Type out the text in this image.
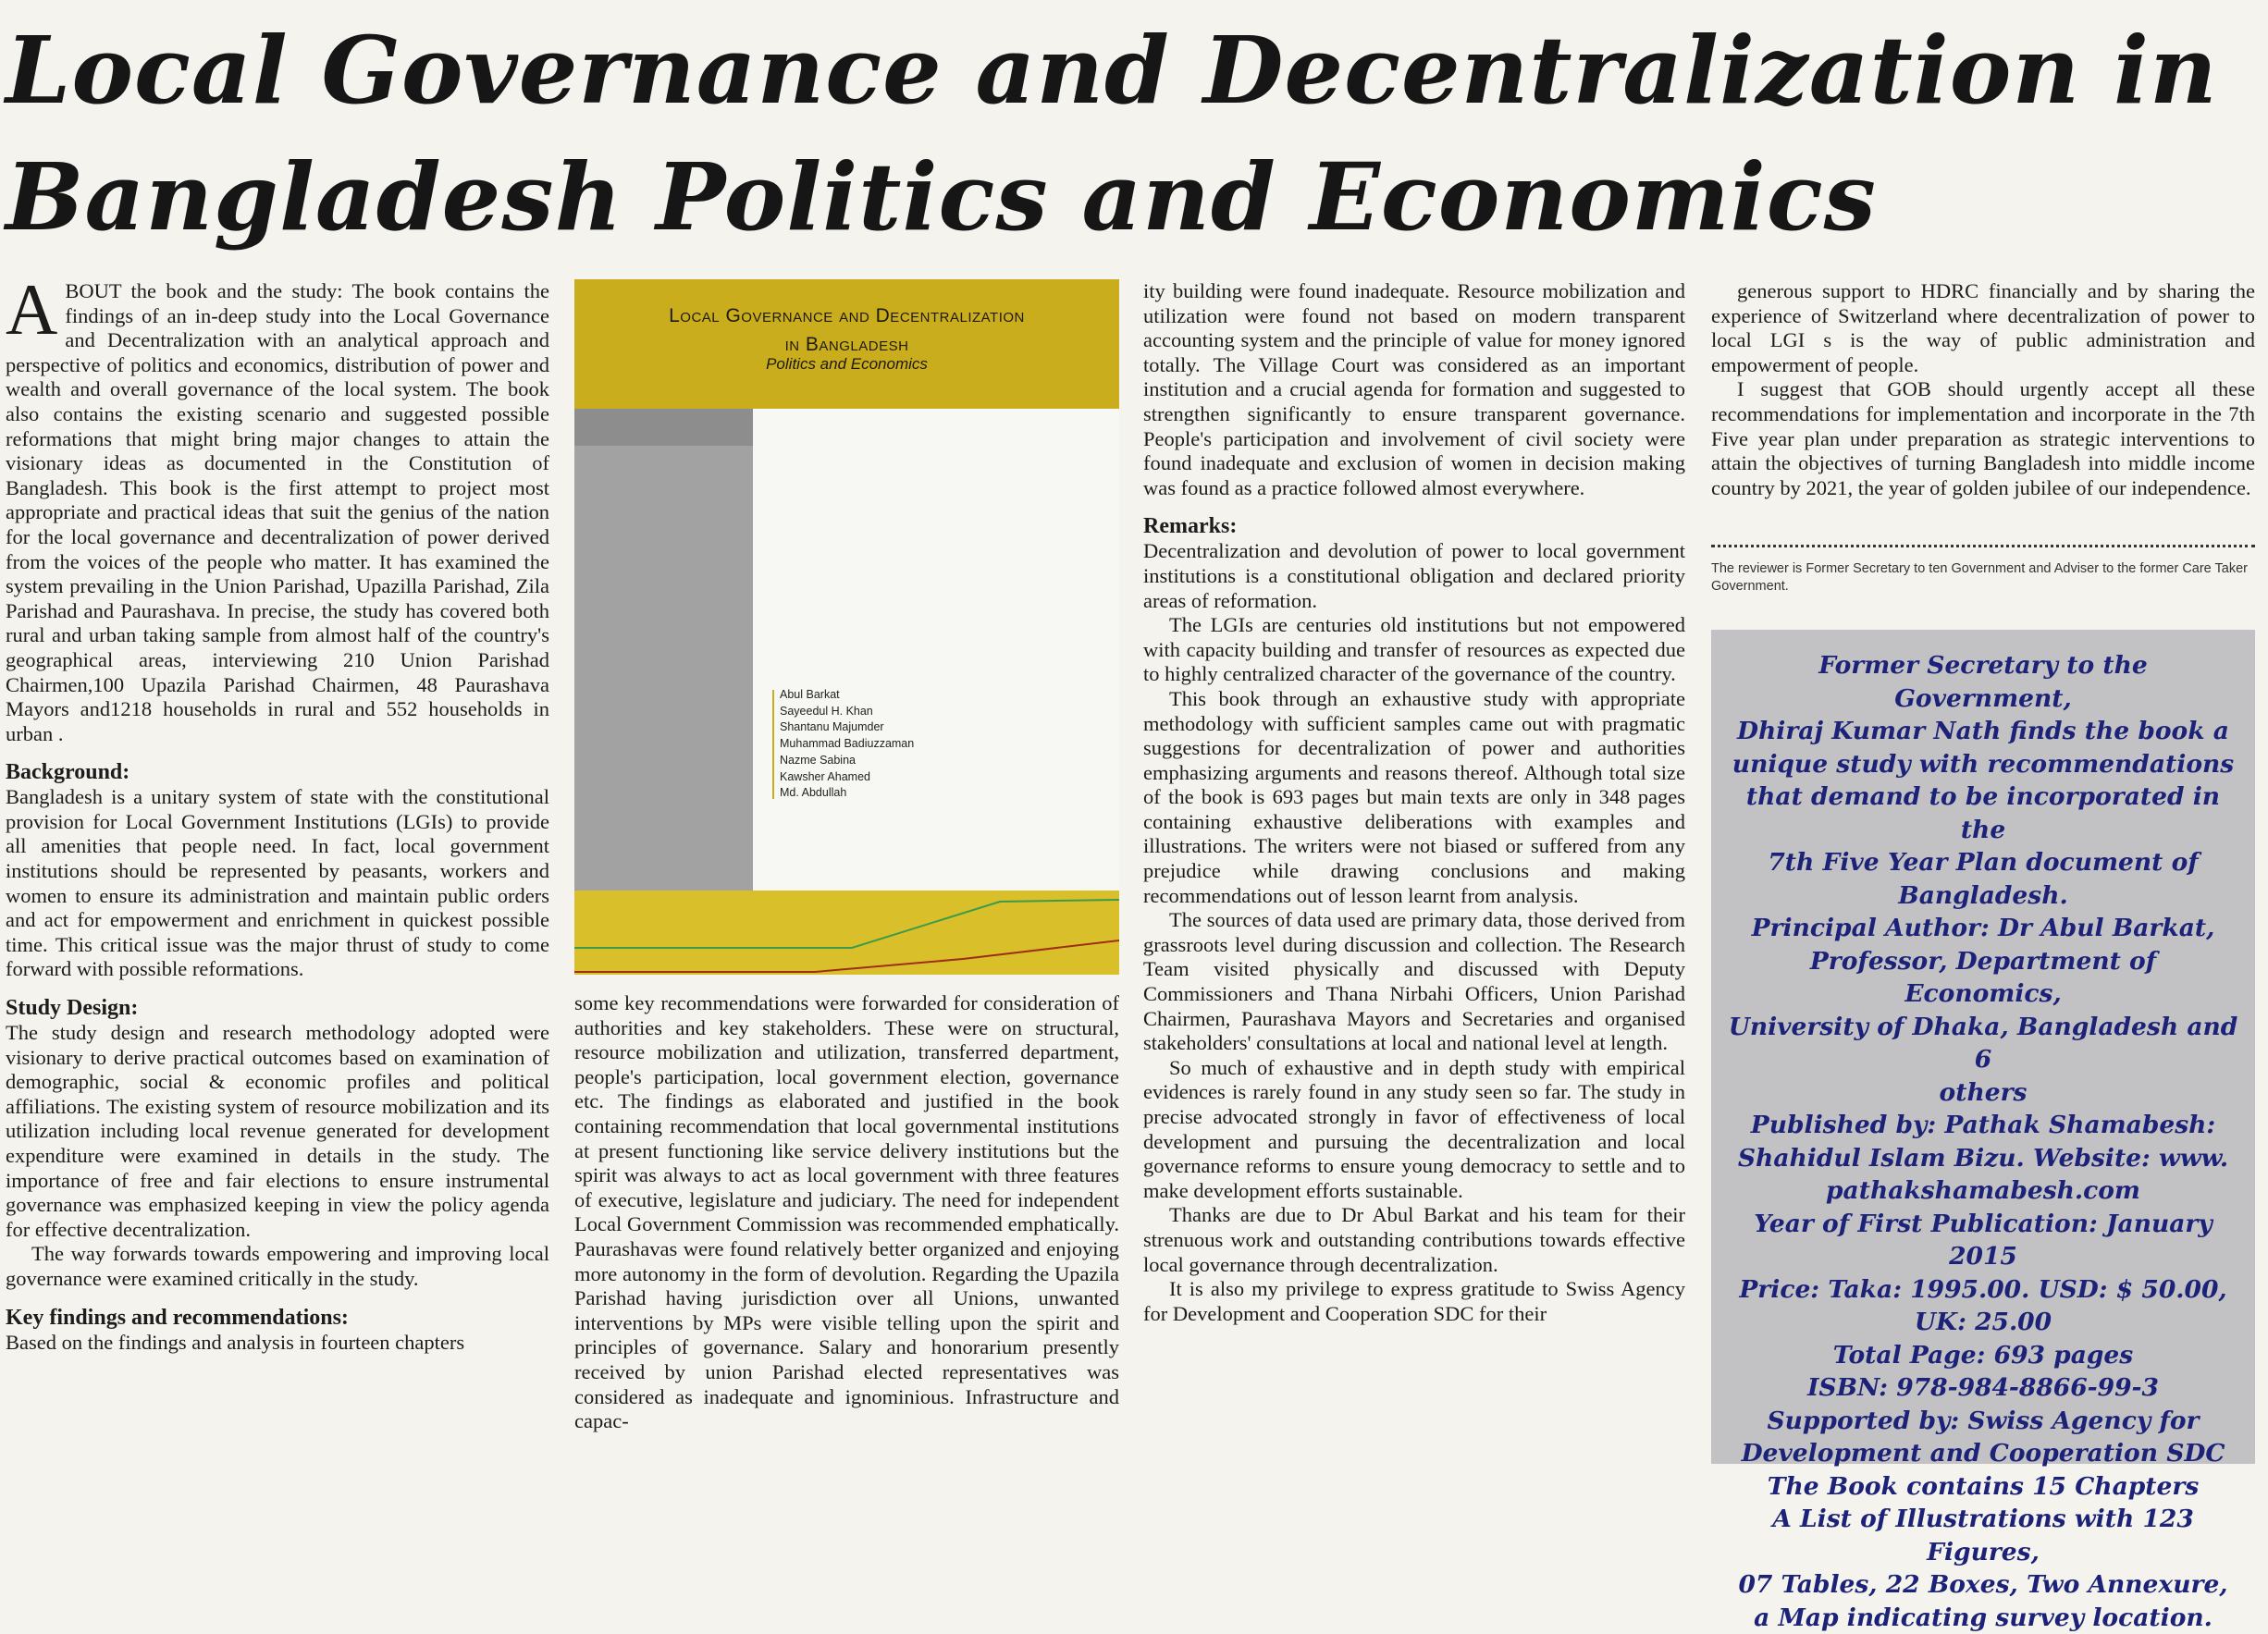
Local Governance and Decentralization in
Bangladesh Politics and Economics

ABOUT the book and the study: The book contains the findings of an in-deep study into the Local Governance and Decentralization with an analytical approach and perspective of politics and economics, distribution of power and wealth and overall governance of the local system. The book also contains the existing scenario and suggested possible reformations that might bring major changes to attain the visionary ideas as documented in the Constitution of Bangladesh. This book is the first attempt to project most appropriate and practical ideas that suit the genius of the nation for the local governance and decentralization of power derived from the voices of the people who matter. It has examined the system prevailing in the Union Parishad, Upazilla Parishad, Zila Parishad and Paurashava. In precise, the study has covered both rural and urban taking sample from almost half of the country's geographical areas, interviewing 210 Union Parishad Chairmen,100 Upazila Parishad Chairmen, 48 Paurashava Mayors and1218 households in rural and 552 households in urban .

Background:

Bangladesh is a unitary system of state with the constitutional provision for Local Government Institutions (LGIs) to provide all amenities that people need. In fact, local government institutions should be represented by peasants, workers and women to ensure its administration and maintain public orders and act for empowerment and enrichment in quickest possible time. This critical issue was the major thrust of study to come forward with possible reformations.

Study Design:

The study design and research methodology adopted were visionary to derive practical outcomes based on examination of demographic, social & economic profiles and political affiliations. The existing system of resource mobilization and its utilization including local revenue generated for development expenditure were examined in details in the study. The importance of free and fair elections to ensure instrumental governance was emphasized keeping in view the policy agenda for effective decentralization.

The way forwards towards empowering and improving local governance were examined critically in the study.

Key findings and recommendations:

Based on the findings and analysis in fourteen chapters

Local Governance and Decentralization
in Bangladesh
Politics and Economics
Abul Barkat
Sayeedul H. Khan
Shantanu Majumder
Muhammad Badiuzzaman
Nazme Sabina
Kawsher Ahamed
Md. Abdullah

some key recommendations were forwarded for consideration of authorities and key stakeholders. These were on structural, resource mobilization and utilization, transferred department, people's participation, local government election, governance etc. The findings as elaborated and justified in the book containing recommendation that local governmental institutions at present functioning like service delivery institutions but the spirit was always to act as local government with three features of executive, legislature and judiciary. The need for independent Local Government Commission was recommended emphatically. Paurashavas were found relatively better organized and enjoying more autonomy in the form of devolution. Regarding the Upazila Parishad having jurisdiction over all Unions, unwanted interventions by MPs were visible telling upon the spirit and principles of governance. Salary and honorarium presently received by union Parishad elected representatives was considered as inadequate and ignominious. Infrastructure and capac-

ity building were found inadequate. Resource mobilization and utilization were found not based on modern transparent accounting system and the principle of value for money ignored totally. The Village Court was considered as an important institution and a crucial agenda for formation and suggested to strengthen significantly to ensure transparent governance. People's participation and involvement of civil society were found inadequate and exclusion of women in decision making was found as a practice followed almost everywhere.

Remarks:

Decentralization and devolution of power to local government institutions is a constitutional obligation and declared priority areas of reformation.

The LGIs are centuries old institutions but not empowered with capacity building and transfer of resources as expected due to highly centralized character of the governance of the country.

This book through an exhaustive study with appropriate methodology with sufficient samples came out with pragmatic suggestions for decentralization of power and authorities emphasizing arguments and reasons thereof. Although total size of the book is 693 pages but main texts are only in 348 pages containing exhaustive deliberations with examples and illustrations. The writers were not biased or suffered from any prejudice while drawing conclusions and making recommendations out of lesson learnt from analysis.

The sources of data used are primary data, those derived from grassroots level during discussion and collection. The Research Team visited physically and discussed with Deputy Commissioners and Thana Nirbahi Officers, Union Parishad Chairmen, Paurashava Mayors and Secretaries and organised stakeholders' consultations at local and national level at length.

So much of exhaustive and in depth study with empirical evidences is rarely found in any study seen so far. The study in precise advocated strongly in favor of effectiveness of local development and pursuing the decentralization and local governance reforms to ensure young democracy to settle and to make development efforts sustainable.

Thanks are due to Dr Abul Barkat and his team for their strenuous work and outstanding contributions towards effective local governance through decentralization.

It is also my privilege to express gratitude to Swiss Agency for Development and Cooperation SDC for their

generous support to HDRC financially and by sharing the experience of Switzerland where decentralization of power to local LGI s is the way of public administration and empowerment of people.

I suggest that GOB should urgently accept all these recommendations for implementation and incorporate in the 7th Five year plan under preparation as strategic interventions to attain the objectives of turning Bangladesh into middle income country by 2021, the year of golden jubilee of our independence.

The reviewer is Former Secretary to ten Government and Adviser to the former Care Taker Government.
Former Secretary to the Government,
Dhiraj Kumar Nath finds the book a
unique study with recommendations
that demand to be incorporated in the
7th Five Year Plan document of
Bangladesh.
Principal Author: Dr Abul Barkat,
Professor, Department of Economics,
University of Dhaka, Bangladesh and 6
others
Published by: Pathak Shamabesh:
Shahidul Islam Bizu. Website: www.
pathakshamabesh.com
Year of First Publication: January 2015
Price: Taka: 1995.00. USD: $ 50.00,
UK: 25.00
Total Page: 693 pages
ISBN: 978-984-8866-99-3
Supported by: Swiss Agency for
Development and Cooperation SDC
The Book contains 15 Chapters
A List of Illustrations with 123 Figures,
07 Tables, 22 Boxes, Two Annexure,
a Map indicating survey location.
